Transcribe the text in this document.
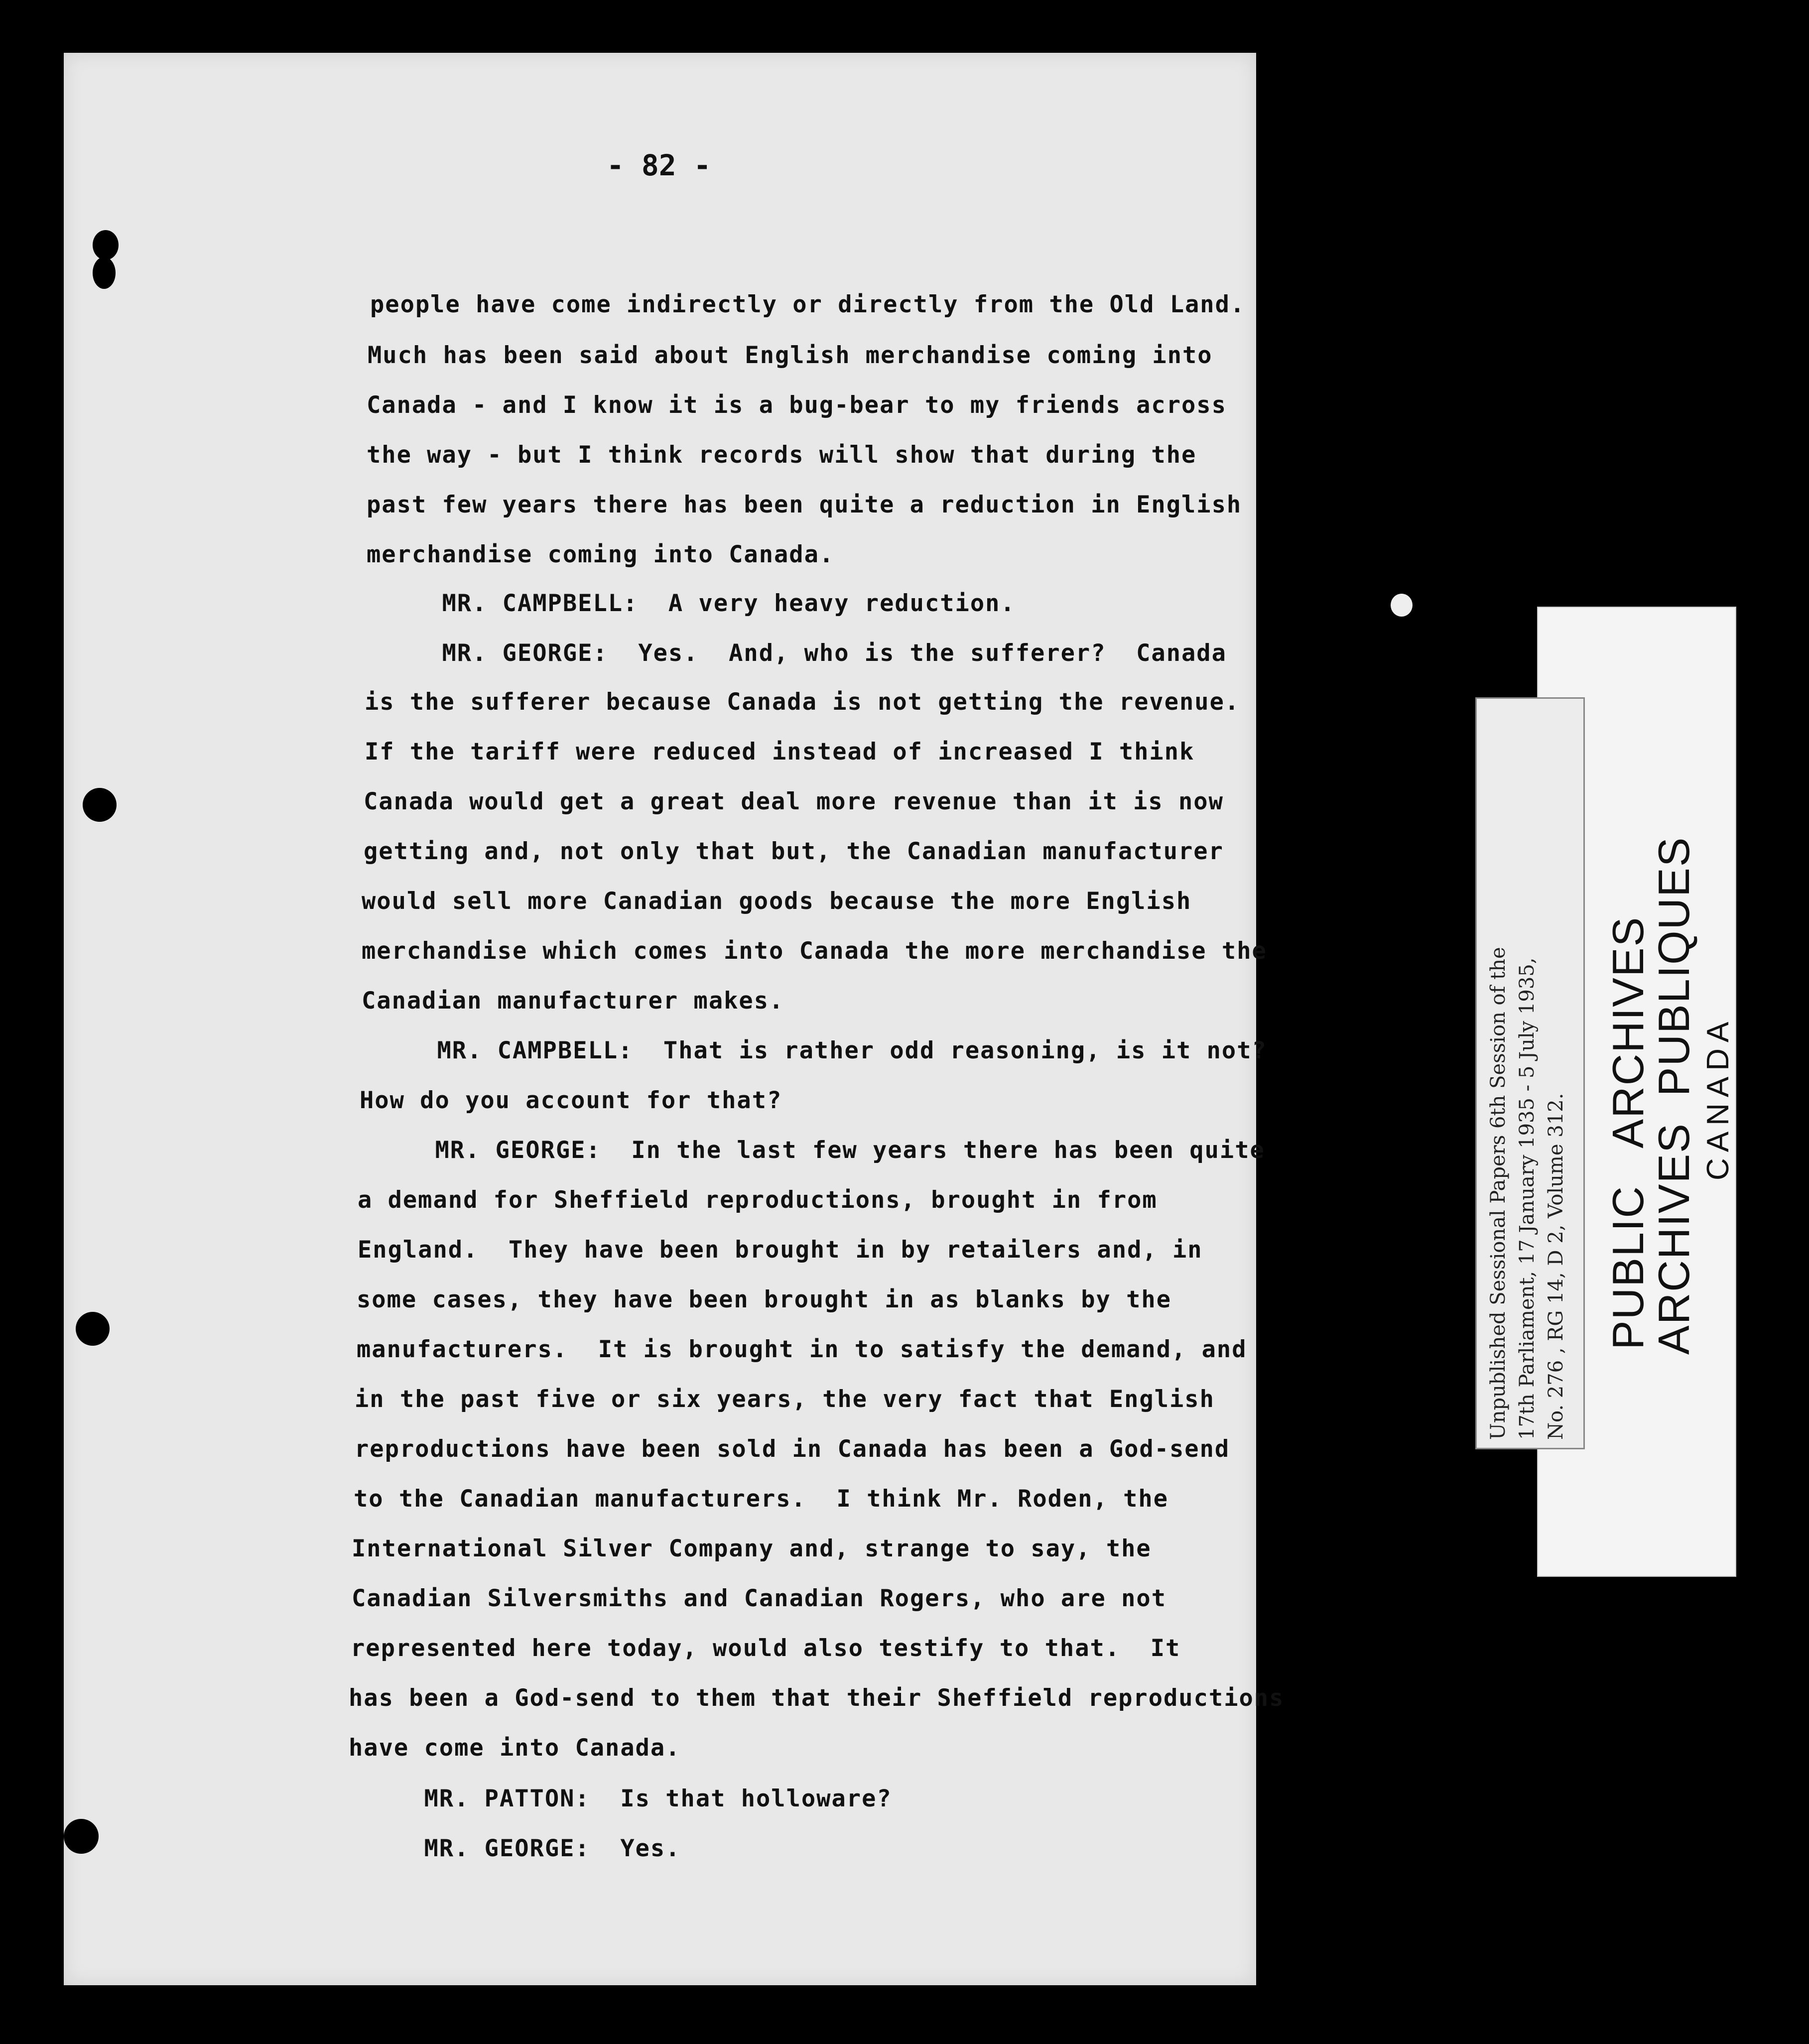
- 82 -
people have come indirectly or directly from the Old Land.
Much has been said about English merchandise coming into
Canada - and I know it is a bug-bear to my friends across
the way - but I think records will show that during the
past few years there has been quite a reduction in English
merchandise coming into Canada.
MR. CAMPBELL:  A very heavy reduction.
MR. GEORGE:  Yes.  And, who is the sufferer?  Canada
is the sufferer because Canada is not getting the revenue.
If the tariff were reduced instead of increased I think
Canada would get a great deal more revenue than it is now
getting and, not only that but, the Canadian manufacturer
would sell more Canadian goods because the more English
merchandise which comes into Canada the more merchandise the
Canadian manufacturer makes.
MR. CAMPBELL:  That is rather odd reasoning, is it not?
How do you account for that?
MR. GEORGE:  In the last few years there has been quite
a demand for Sheffield reproductions, brought in from
England.  They have been brought in by retailers and, in
some cases, they have been brought in as blanks by the
manufacturers.  It is brought in to satisfy the demand, and
in the past five or six years, the very fact that English
reproductions have been sold in Canada has been a God-send
to the Canadian manufacturers.  I think Mr. Roden, the
International Silver Company and, strange to say, the
Canadian Silversmiths and Canadian Rogers, who are not
represented here today, would also testify to that.  It
has been a God-send to them that their Sheffield reproductions
have come into Canada.
MR. PATTON:  Is that holloware?
MR. GEORGE:  Yes.
PUBLIC   ARCHIVES
ARCHIVES  PUBLIQUES CANADA
Unpublished Sessional Papers 6th Session of the 17th Parliament, 17 January 1935 - 5 July 1935, No. 276 , RG 14, D 2, Volume 312.
